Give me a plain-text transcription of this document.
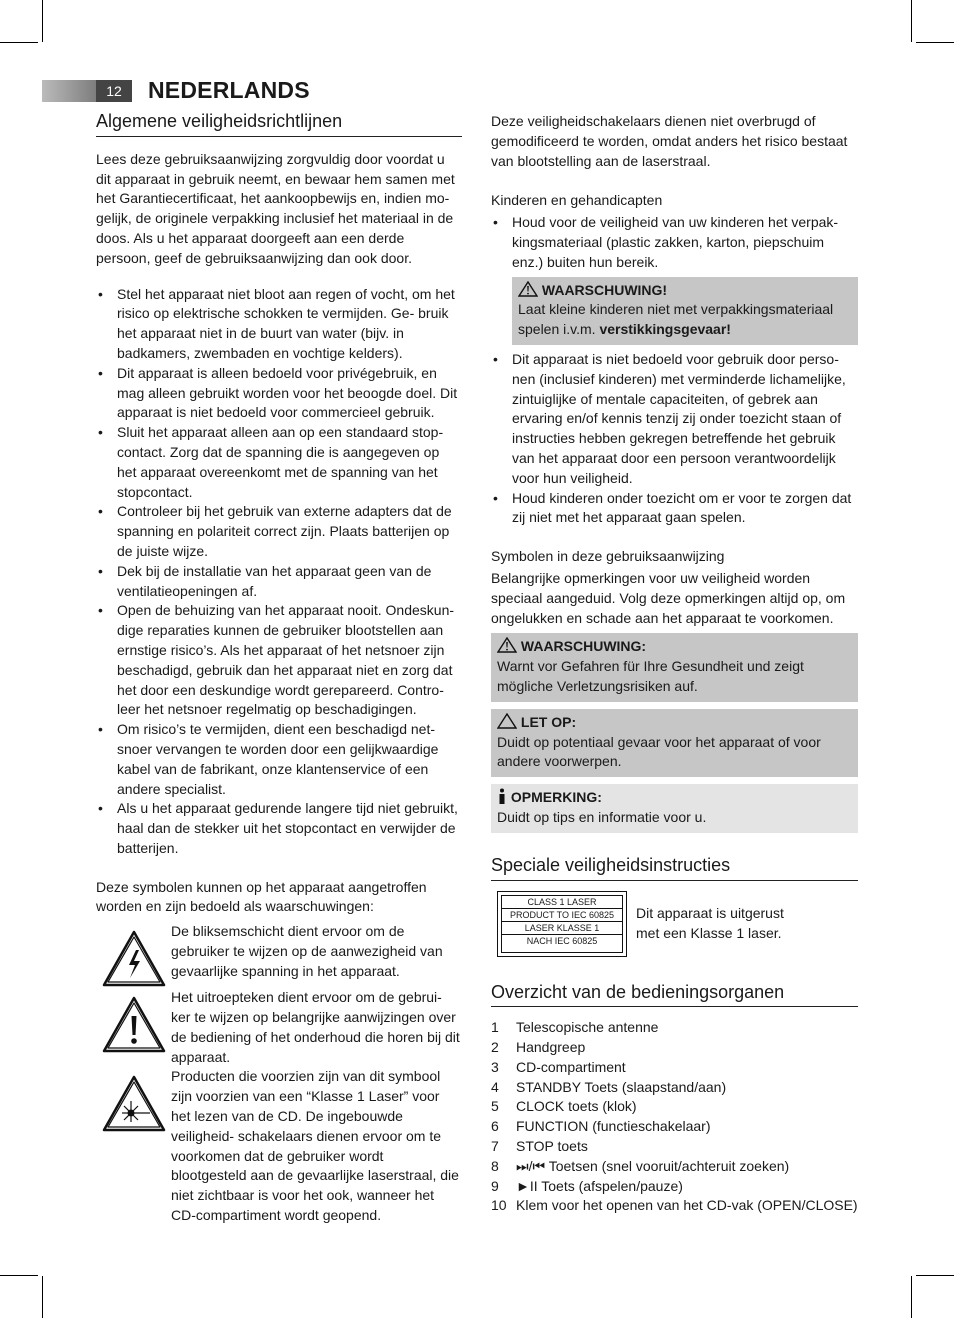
12	NEDERLANDS
Algemene veiligheidsrichtlijnen

Lees deze gebruiksaanwijzing zorgvuldig door voordat u dit apparaat in gebruik neemt, en bewaar hem samen met het Garantiecertificaat, het aankoopbewijs en, indien mo- gelijk, de originele verpakking inclusief het materiaal in de doos. Als u het apparaat doorgeeft aan een derde persoon, geef de gebruiksaanwijzing dan ook door.

• Stel het apparaat niet bloot aan regen of vocht, om het risico op elektrische schokken te vermijden. Ge- bruik het apparaat niet in de buurt van water (bijv. in badkamers, zwembaden en vochtige kelders).
• Dit apparaat is alleen bedoeld voor privégebruik, en mag alleen gebruikt worden voor het beoogde doel. Dit apparaat is niet bedoeld voor commercieel gebruik.
• Sluit het apparaat alleen aan op een standaard stop- contact. Zorg dat de spanning die is aangegeven op het apparaat overeenkomt met de spanning van het stopcontact.
• Controleer bij het gebruik van externe adapters dat de spanning en polariteit correct zijn. Plaats batterijen op de juiste wijze.
• Dek bij de installatie van het apparaat geen van de ventilatieopeningen af.
• Open de behuizing van het apparaat nooit. Ondeskun- dige reparaties kunnen de gebruiker blootstellen aan ernstige risico’s. Als het apparaat of het netsnoer zijn beschadigd, gebruik dan het apparaat niet en zorg dat het door een deskundige wordt gerepareerd. Contro- leer het netsnoer regelmatig op beschadigingen.
• Om risico’s te vermijden, dient een beschadigd net- snoer vervangen te worden door een gelijkwaardige kabel van de fabrikant, onze klantenservice of een andere specialist.
• Als u het apparaat gedurende langere tijd niet gebruikt, haal dan de stekker uit het stopcontact en verwijder de batterijen.

Deze symbolen kunnen op het apparaat aangetroffen worden en zijn bedoeld als waarschuwingen:

De bliksemschicht dient ervoor om de gebruiker te wijzen op de aanwezigheid van gevaarlijke spanning in het apparaat.
Het uitroepteken dient ervoor om de gebrui- ker te wijzen op belangrijke aanwijzingen over de bediening of het onderhoud die horen bij dit apparaat.
Producten die voorzien zijn van dit symbool zijn voorzien van een “Klasse 1 Laser” voor het lezen van de CD. De ingebouwde veiligheid- schakelaars dienen ervoor om te voorkomen dat de gebruiker wordt blootgesteld aan de gevaarlijke laserstraal, die niet zichtbaar is voor het ook, wanneer het CD-compartiment wordt geopend.

Deze veiligheidschakelaars dienen niet overbrugd of gemodificeerd te worden, omdat anders het risico bestaat van blootstelling aan de laserstraal.

Kinderen en gehandicapten
• Houd voor de veiligheid van uw kinderen het verpak- kingsmateriaal (plastic zakken, karton, piepschuim enz.) buiten hun bereik.
WAARSCHUWING!
Laat kleine kinderen niet met verpakkingsmateriaal spelen i.v.m. verstikkingsgevaar!
• Dit apparaat is niet bedoeld voor gebruik door perso- nen (inclusief kinderen) met verminderde lichamelijke, zintuiglijke of mentale capaciteiten, of gebrek aan ervaring en/of kennis tenzij zij onder toezicht staan of instructies hebben gekregen betreffende het gebruik van het apparaat door een persoon verantwoordelijk voor hun veiligheid.
• Houd kinderen onder toezicht om er voor te zorgen dat zij niet met het apparaat gaan spelen.
Symbolen in deze gebruiksaanwijzing

Belangrijke opmerkingen voor uw veiligheid worden speciaal aangeduid. Volg deze opmerkingen altijd op, om ongelukken en schade aan het apparaat te voorkomen.

WAARSCHUWING:
Warnt vor Gefahren für Ihre Gesundheit und zeigt mögliche Verletzungsrisiken auf.
LET OP:
Duidt op potentiaal gevaar voor het apparaat of voor andere voorwerpen.
OPMERKING:
Duidt op tips en informatie voor u.
Speciale veiligheidsinstructies
CLASS 1 LASER
PRODUCT TO IEC 60825
LASER KLASSE 1
NACH IEC 60825
Dit apparaat is uitgerust met een Klasse 1 laser.
Overzicht van de bedieningsorganen
1 Telescopische antenne
2 Handgreep
3 CD-compartiment
4 STANDBY Toets (slaapstand/aan)
5 CLOCK toets (klok)
6 FUNCTION (functieschakelaar)
7 STOP toets
8 ⏭/⏮ Toetsen (snel vooruit/achteruit zoeken)
9 ►II Toets (afspelen/pauze)
10 Klem voor het openen van het CD-vak (OPEN/CLOSE)
